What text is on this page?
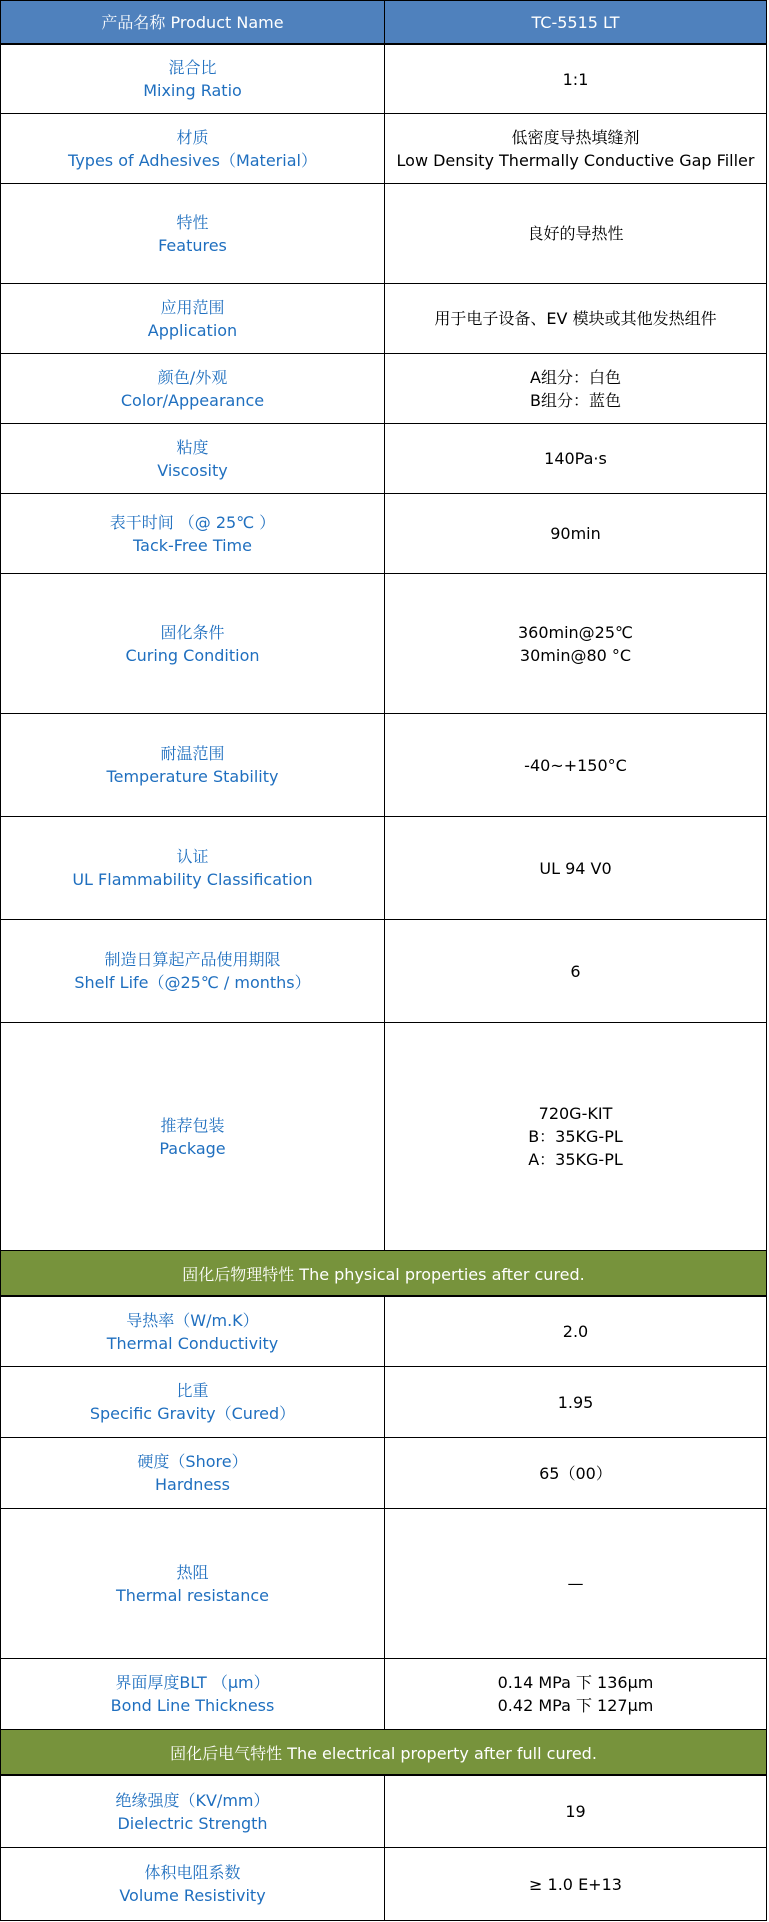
产品名称 Product Name	TC-5515 LT
混合比
Mixing Ratio
1:1
材质
Types of Adhesives（Material）
低密度导热填缝剂
Low Density Thermally Conductive Gap Filler
特性
Features
良好的导热性
应用范围
Application
用于电子设备、EV 模块或其他发热组件
颜色/外观
Color/Appearance
A组分：白色
B组分：蓝色
粘度
Viscosity
140Pa·s
表干时间 （@ 25℃ ）
Tack-Free Time
90min
固化条件
Curing Condition
360min@25℃
30min@80 °C
耐温范围
Temperature Stability
-40~+150°C
认证
UL Flammability Classification
UL 94 V0
制造日算起产品使用期限
Shelf Life（@25℃ / months）
6
推荐包装
Package
720G-KIT
B：35KG-PL
A：35KG-PL
固化后物理特性 The physical properties after cured.
导热率（W/m.K）
Thermal Conductivity
2.0
比重
Specific Gravity（Cured）
1.95
硬度（Shore）
Hardness
65（00）
热阻
Thermal resistance
—
界面厚度BLT （μm）
Bond Line Thickness
0.14 MPa 下 136μm
0.42 MPa 下 127μm
固化后电气特性 The electrical property after full cured.
绝缘强度（KV/mm）
Dielectric Strength
19
体积电阻系数
Volume Resistivity
≥ 1.0 E+13
